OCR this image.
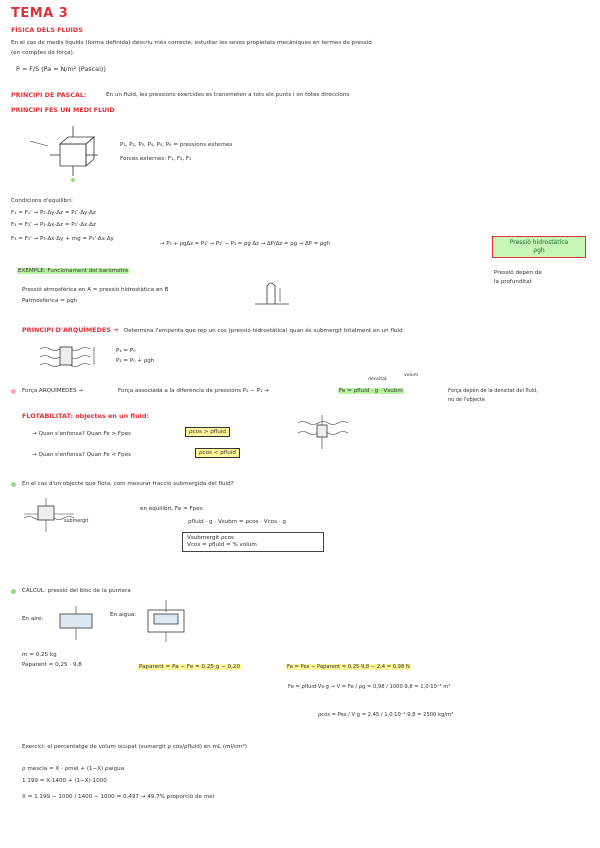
TEMA 3
FÍSICA DELS FLUIDS
En el cas de medis líquids (forma definida) descriu més correcte, estudiar les seves propietats mecàniques en termes de pressió
(en comptes de força).
P = F/S (Pa = N/m² (Pascal))
PRINCIPI DE PASCAL:	En un fluid, les pressions exercides es transmeten a tots els punts i en totes direccions
PRINCIPI FES UN MEDI FLUID
P₁, P₂, P₃, P₄, P₅, P₆ = pressions externes
Forces externes: F₁, F₂, F₃
Condicions d'equilibri:
F₁ = F₁' → P₁·Δy·Δz = P₁'·Δy·Δz
F₂ = F₂' → P₂·Δx·Δz = P₂'·Δx·Δz
F₃ = F₃' → P₃·Δx·Δy + mg = P₃'·Δx·Δy
→ P₃ + ρgΔz = P₃' → P₃' − P₃ = ρg Δz → ΔP/Δz = ρg → ΔP = ρgh	Pressió hidrostàtica
ρgh
Pressió depèn de
la profunditat
EXEMPLE: Funcionament del baròmetre
Pressió atmosfèrica en A = pressió hidrostàtica en B
Patmosfèrica = ρgh
PRINCIPI D'ARQUÍMEDES → Determina l'empenta que rep un cos (pressió hidrostàtica) quan és submergit totalment en un fluid
P₁ = P₀
P₂ = P₀ + ρgh
Força ARQUÍMEDES →	Força associada a la diferència de pressions P₂ − P₁ →	Fe = ρfluid · g · Vsubm
densitat
volum
Força depèn de la densitat del fluid,
no de l'objecte
FLOTABILITAT: objectes en un fluid:
→ Quan s'enfonsa? Quan Fe > Fpes	ρcos > ρfluid
→ Quan s'enfonsa? Quan Fe < Fpes	ρcos < ρfluid
En el cas d'un objecte que flota, com mesurar fracció submergida del fluid?
submergit
en equilibri, Fe = Fpes
ρfluid · g · Vsubm = ρcos · Vcos · g
Vsubmergit ρcos
Vcos = ρfluid = % volum
CÀLCUL: pressió del bloc de la puntera
En aire:
En aigua:
m = 0,25 kg
Paparent = 0,25 · 9,8	Paparent = Pa − Fe = 0,25·g − 0,20	Fe = Pes − Paparent = 0,25·9,8 − 2,4 = 0,98 N
Fe = ρfluid·Vs·g → V = Fe / ρg = 0,98 / 1000·9,8 = 1,0·10⁻⁴ m³
ρcos = Pes / V·g = 2,45 / 1,0·10⁻⁴·9,8 = 2500 kg/m³
Exercici: el percentatge de volum ocupat (sumergit ρ cos/ρfluid) en mL (ml/cm³)
ρ mescla = X · ρmel + (1−X) ρaigua
1.199 = X·1400 + (1−X)·1000
X = 1.199 − 1000 / 1400 − 1000 = 0,497 → 49,7% proporció de mel
